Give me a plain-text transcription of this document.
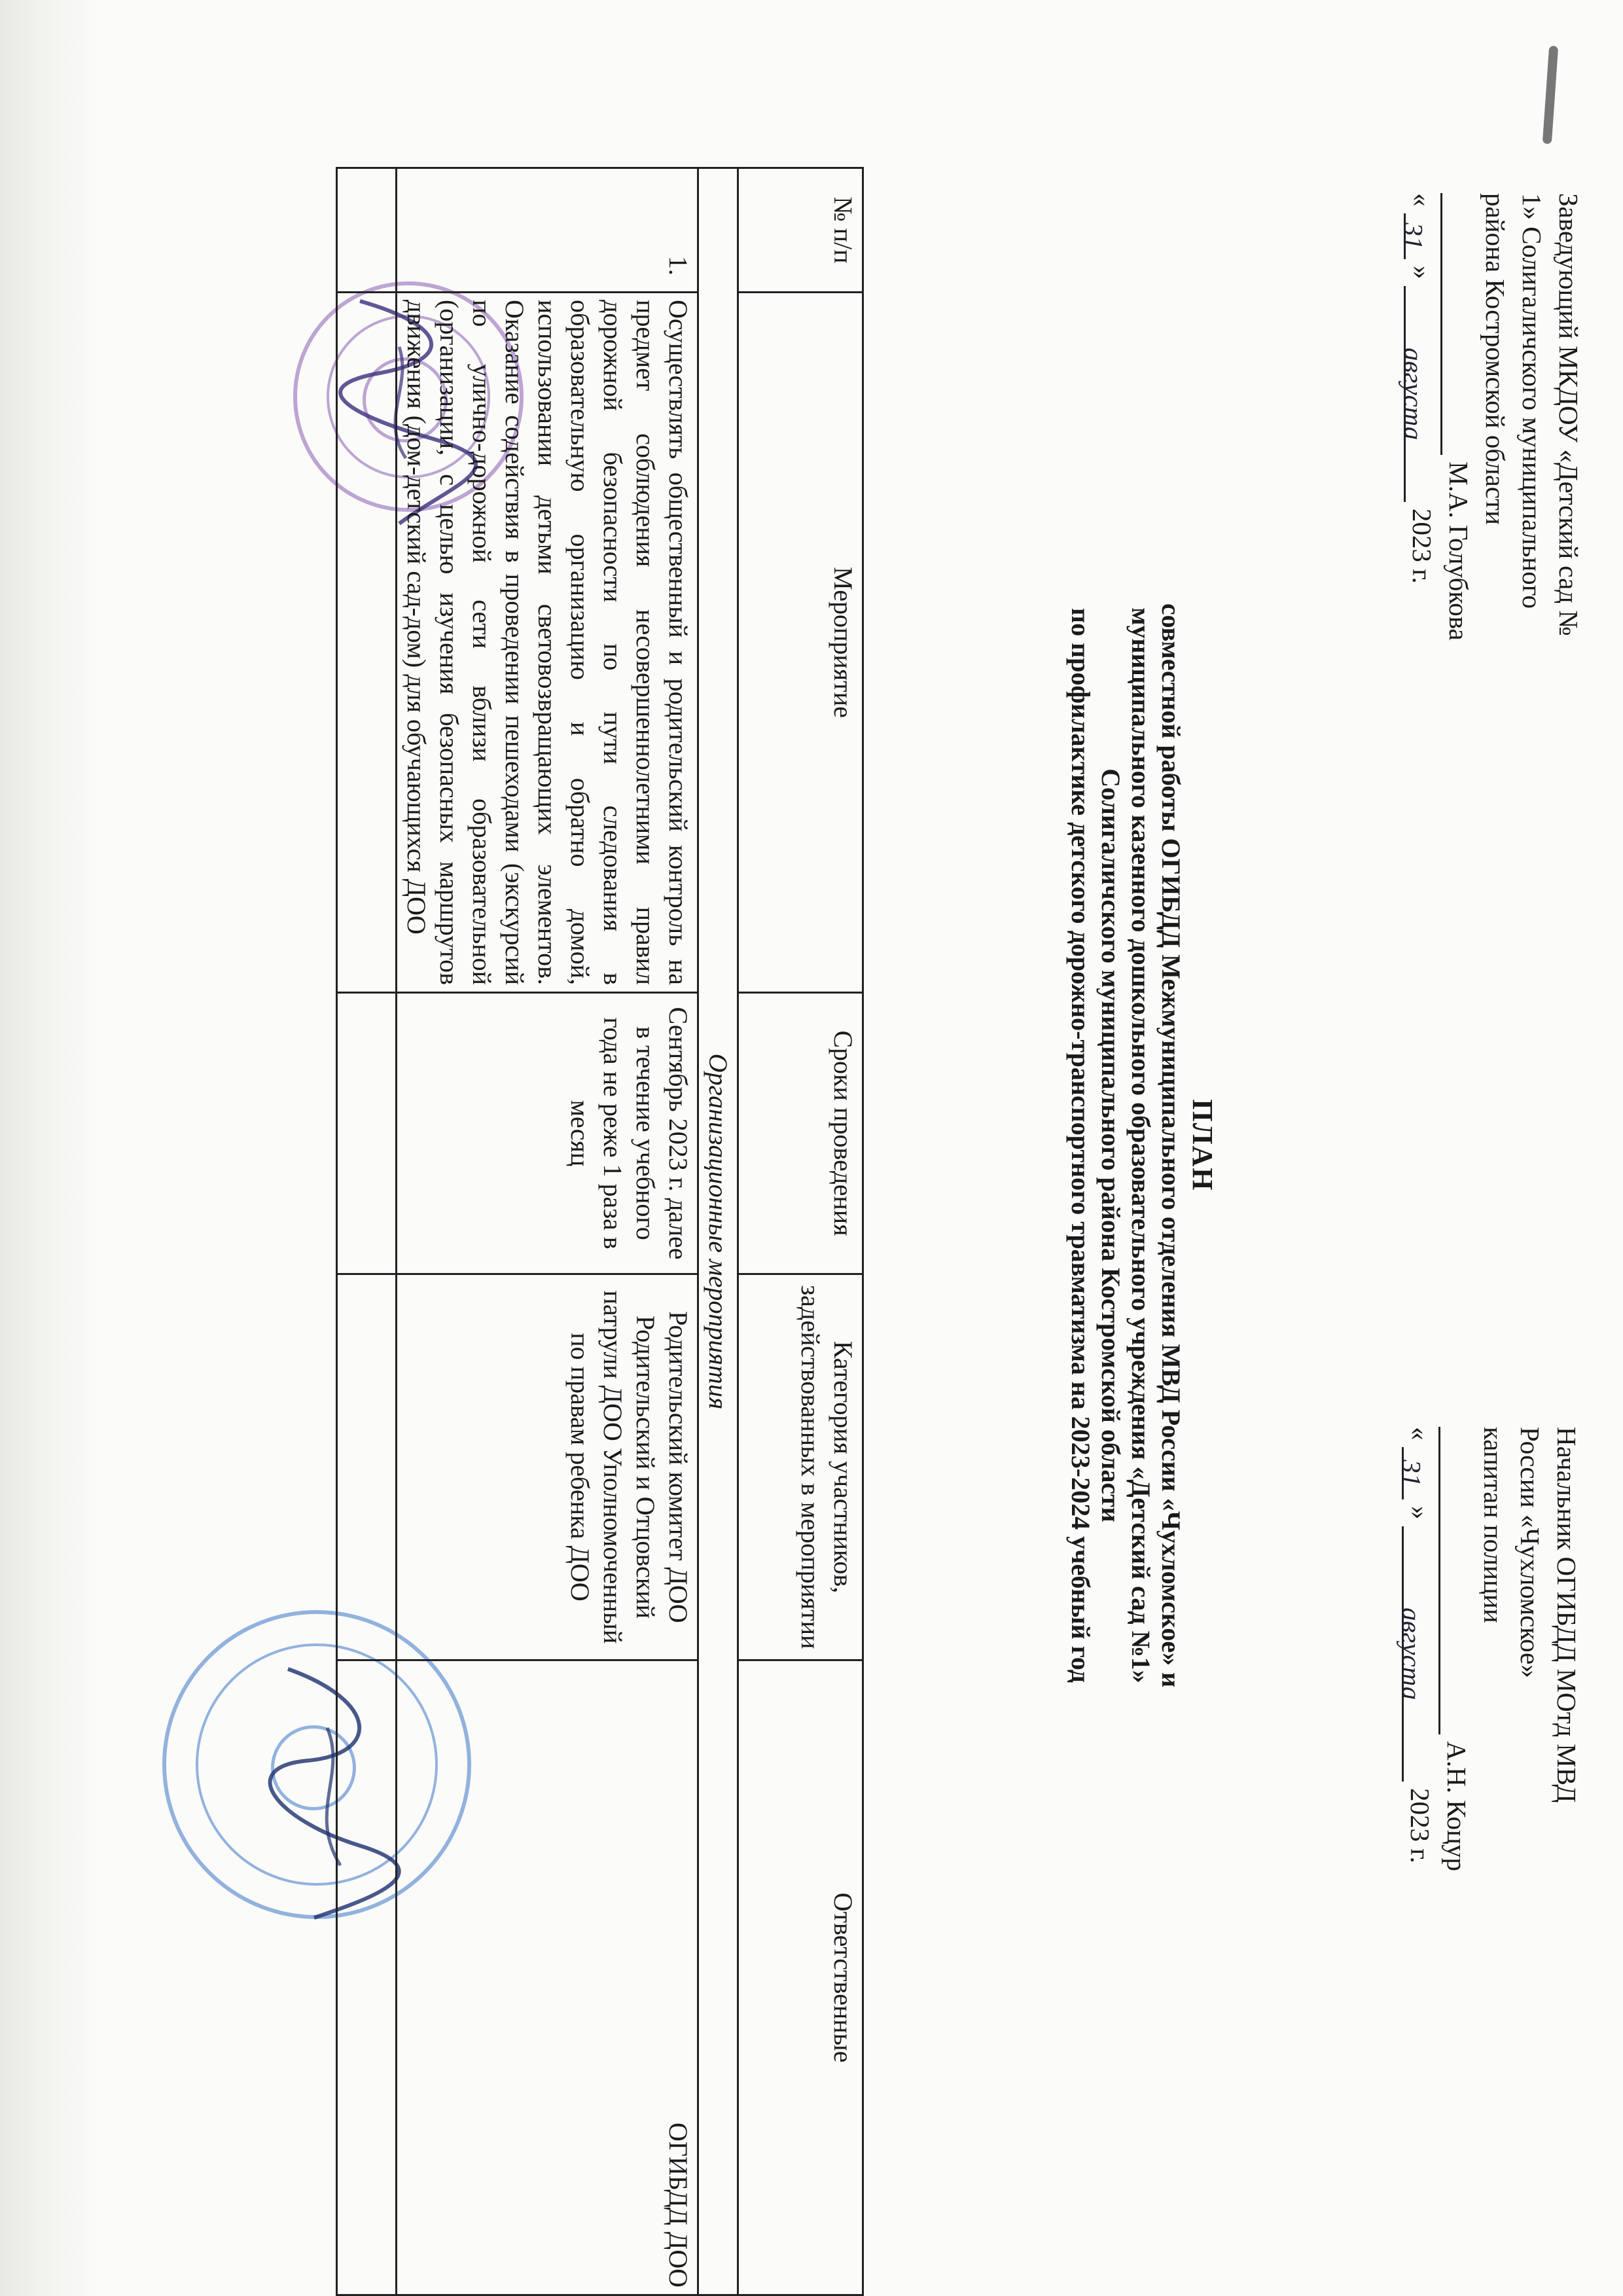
Заведующий МКДОУ «Детский сад №
1» Солигаличского муниципального
района Костромской области
М.А. Голубкова
« 31 » августа 2023 г.
Начальник ОГИБДД МОтд МВД
России «Чухломское»
капитан полиции
А.Н. Коцур
« 31 » августа 2023 г.
ПЛАН
совместной работы ОГИБДД Межмуниципального отделения МВД России «Чухломское» и
муниципального казенного дошкольного образовательного учреждения «Детский сад №1»
Солигаличского муниципального района Костромской области
по профилактике детского дорожно-транспортного травматизма на 2023-2024 учебный год
№ п/п	Мероприятие	Сроки проведения	Категория участников, задействованных в мероприятии	Ответственные
Организационные мероприятия				
1.	Осуществлять общественный и родительский контроль на предмет соблюдения несовершеннолетними правил дорожной безопасности по пути следования в образовательную организацию и обратно домой, использовании детьми световозвращающих элементов. Оказание содействия в проведении пешеходами (экскурсий по улично-дорожной сети вблизи образовательной (организации, с целью изучения безопасных маршрутов движения (дом-детский сад-дом) для обучающихся ДОО	Сентябрь 2023 г. далее в течение учебного года не реже 1 раза в месяц	Родительский комитет ДОО Родительский и Отцовский патрули ДОО Уполномоченный по правам ребенка ДОО	ОГИБДД ДОО
